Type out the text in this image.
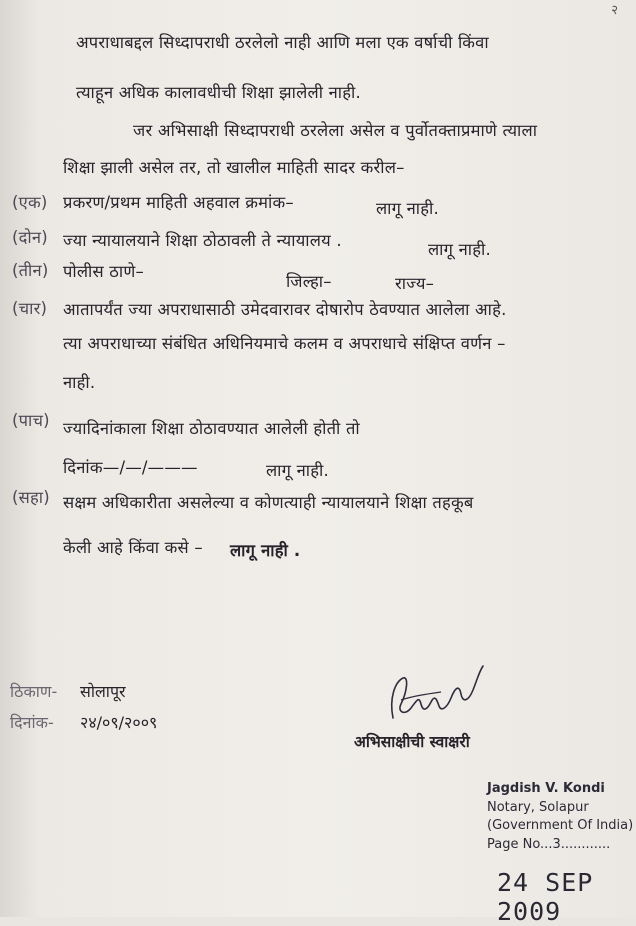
२
अपराधाबद्दल सिध्दापराधी ठरलेलो नाही आणि मला एक वर्षाची किंवा
त्याहून अधिक कालावधीची शिक्षा झालेली नाही.
जर अभिसाक्षी सिध्दापराधी ठरलेला असेल व पुर्वोतक्ताप्रमाणे त्याला
शिक्षा झाली असेल तर, तो खालील माहिती सादर करील–
(एक) प्रकरण/प्रथम माहिती अहवाल क्रमांक–	लागू नाही.
(दोन) ज्या न्यायालयाने शिक्षा ठोठावली ते न्यायालय .	लागू नाही.
(तीन) पोलीस ठाणे–
जिल्हा–	राज्य–
(चार) आतापर्यंत ज्या अपराधासाठी उमेदवारावर दोषारोप ठेवण्यात आलेला आहे.
त्या अपराधाच्या संबंधित अधिनियमाचे कलम व अपराधाचे संक्षिप्त वर्णन –
नाही.
(पाच) ज्यादिनांकाला शिक्षा ठोठावण्यात आलेली होती तो
दिनांक—/—/———	लागू नाही.
(सहा) सक्षम अधिकारीता असलेल्या व कोणत्याही न्यायालयाने शिक्षा तहकूब
केली आहे किंवा कसे – लागू नाही .
ठिकाण- सोलापूर
दिनांक- २४/०९/२००९
अभिसाक्षीची स्वाक्षरी
Jagdish V. Kondi
Notary, Solapur
(Government Of India)
Page No...3............
24 SEP 2009
